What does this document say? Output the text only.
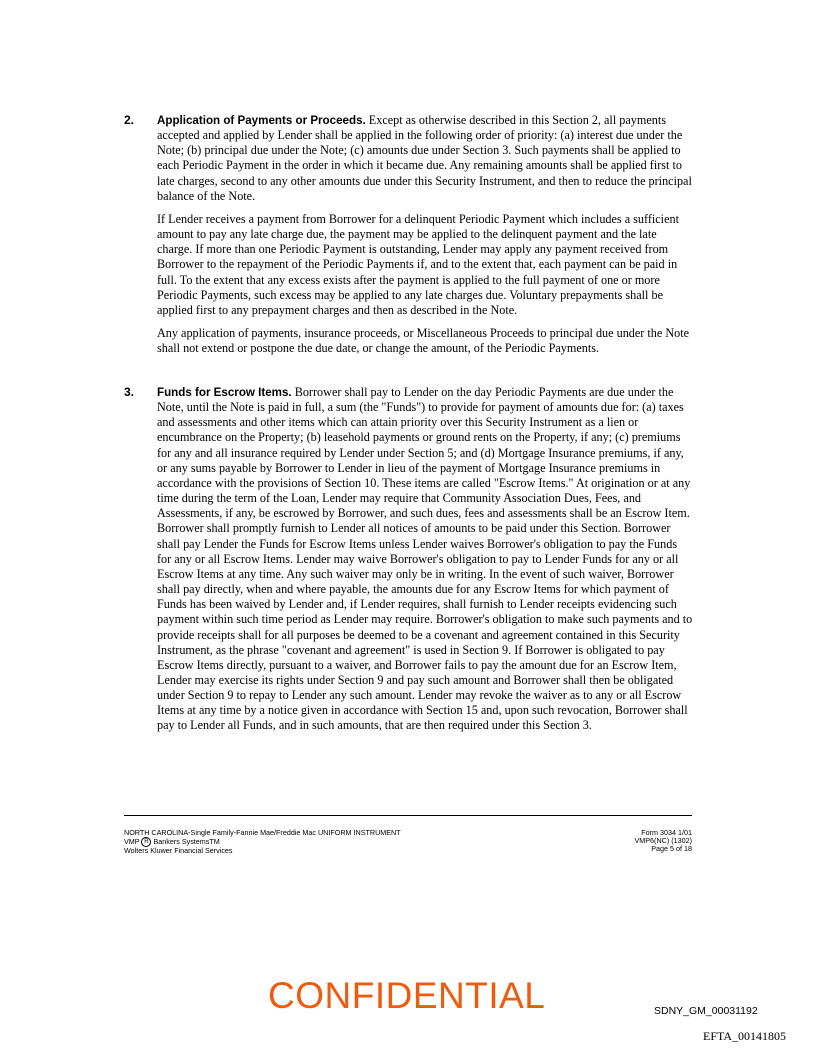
2. Application of Payments or Proceeds. Except as otherwise described in this Section 2, all payments accepted and applied by Lender shall be applied in the following order of priority: (a) interest due under the Note; (b) principal due under the Note; (c) amounts due under Section 3. Such payments shall be applied to each Periodic Payment in the order in which it became due. Any remaining amounts shall be applied first to late charges, second to any other amounts due under this Security Instrument, and then to reduce the principal balance of the Note.

If Lender receives a payment from Borrower for a delinquent Periodic Payment which includes a sufficient amount to pay any late charge due, the payment may be applied to the delinquent payment and the late charge. If more than one Periodic Payment is outstanding, Lender may apply any payment received from Borrower to the repayment of the Periodic Payments if, and to the extent that, each payment can be paid in full. To the extent that any excess exists after the payment is applied to the full payment of one or more Periodic Payments, such excess may be applied to any late charges due. Voluntary prepayments shall be applied first to any prepayment charges and then as described in the Note.

Any application of payments, insurance proceeds, or Miscellaneous Proceeds to principal due under the Note shall not extend or postpone the due date, or change the amount, of the Periodic Payments.

3. Funds for Escrow Items. Borrower shall pay to Lender on the day Periodic Payments are due under the Note, until the Note is paid in full, a sum (the "Funds") to provide for payment of amounts due for: (a) taxes and assessments and other items which can attain priority over this Security Instrument as a lien or encumbrance on the Property; (b) leasehold payments or ground rents on the Property, if any; (c) premiums for any and all insurance required by Lender under Section 5; and (d) Mortgage Insurance premiums, if any, or any sums payable by Borrower to Lender in lieu of the payment of Mortgage Insurance premiums in accordance with the provisions of Section 10. These items are called "Escrow Items." At origination or at any time during the term of the Loan, Lender may require that Community Association Dues, Fees, and Assessments, if any, be escrowed by Borrower, and such dues, fees and assessments shall be an Escrow Item. Borrower shall promptly furnish to Lender all notices of amounts to be paid under this Section. Borrower shall pay Lender the Funds for Escrow Items unless Lender waives Borrower's obligation to pay the Funds for any or all Escrow Items. Lender may waive Borrower's obligation to pay to Lender Funds for any or all Escrow Items at any time. Any such waiver may only be in writing. In the event of such waiver, Borrower shall pay directly, when and where payable, the amounts due for any Escrow Items for which payment of Funds has been waived by Lender and, if Lender requires, shall furnish to Lender receipts evidencing such payment within such time period as Lender may require. Borrower's obligation to make such payments and to provide receipts shall for all purposes be deemed to be a covenant and agreement contained in this Security Instrument, as the phrase "covenant and agreement" is used in Section 9. If Borrower is obligated to pay Escrow Items directly, pursuant to a waiver, and Borrower fails to pay the amount due for an Escrow Item, Lender may exercise its rights under Section 9 and pay such amount and Borrower shall then be obligated under Section 9 to repay to Lender any such amount. Lender may revoke the waiver as to any or all Escrow Items at any time by a notice given in accordance with Section 15 and, upon such revocation, Borrower shall pay to Lender all Funds, and in such amounts, that are then required under this Section 3.

NORTH CAROLINA-Single Family-Fannie Mae/Freddie Mac UNIFORM INSTRUMENT
VMP R Bankers SystemsTM
Wolters Kluwer Financial Services
Form 3034 1/01
VMP6(NC) (1302)
Page 5 of 18
CONFIDENTIAL	SDNY_GM_00031192
EFTA_00141805
